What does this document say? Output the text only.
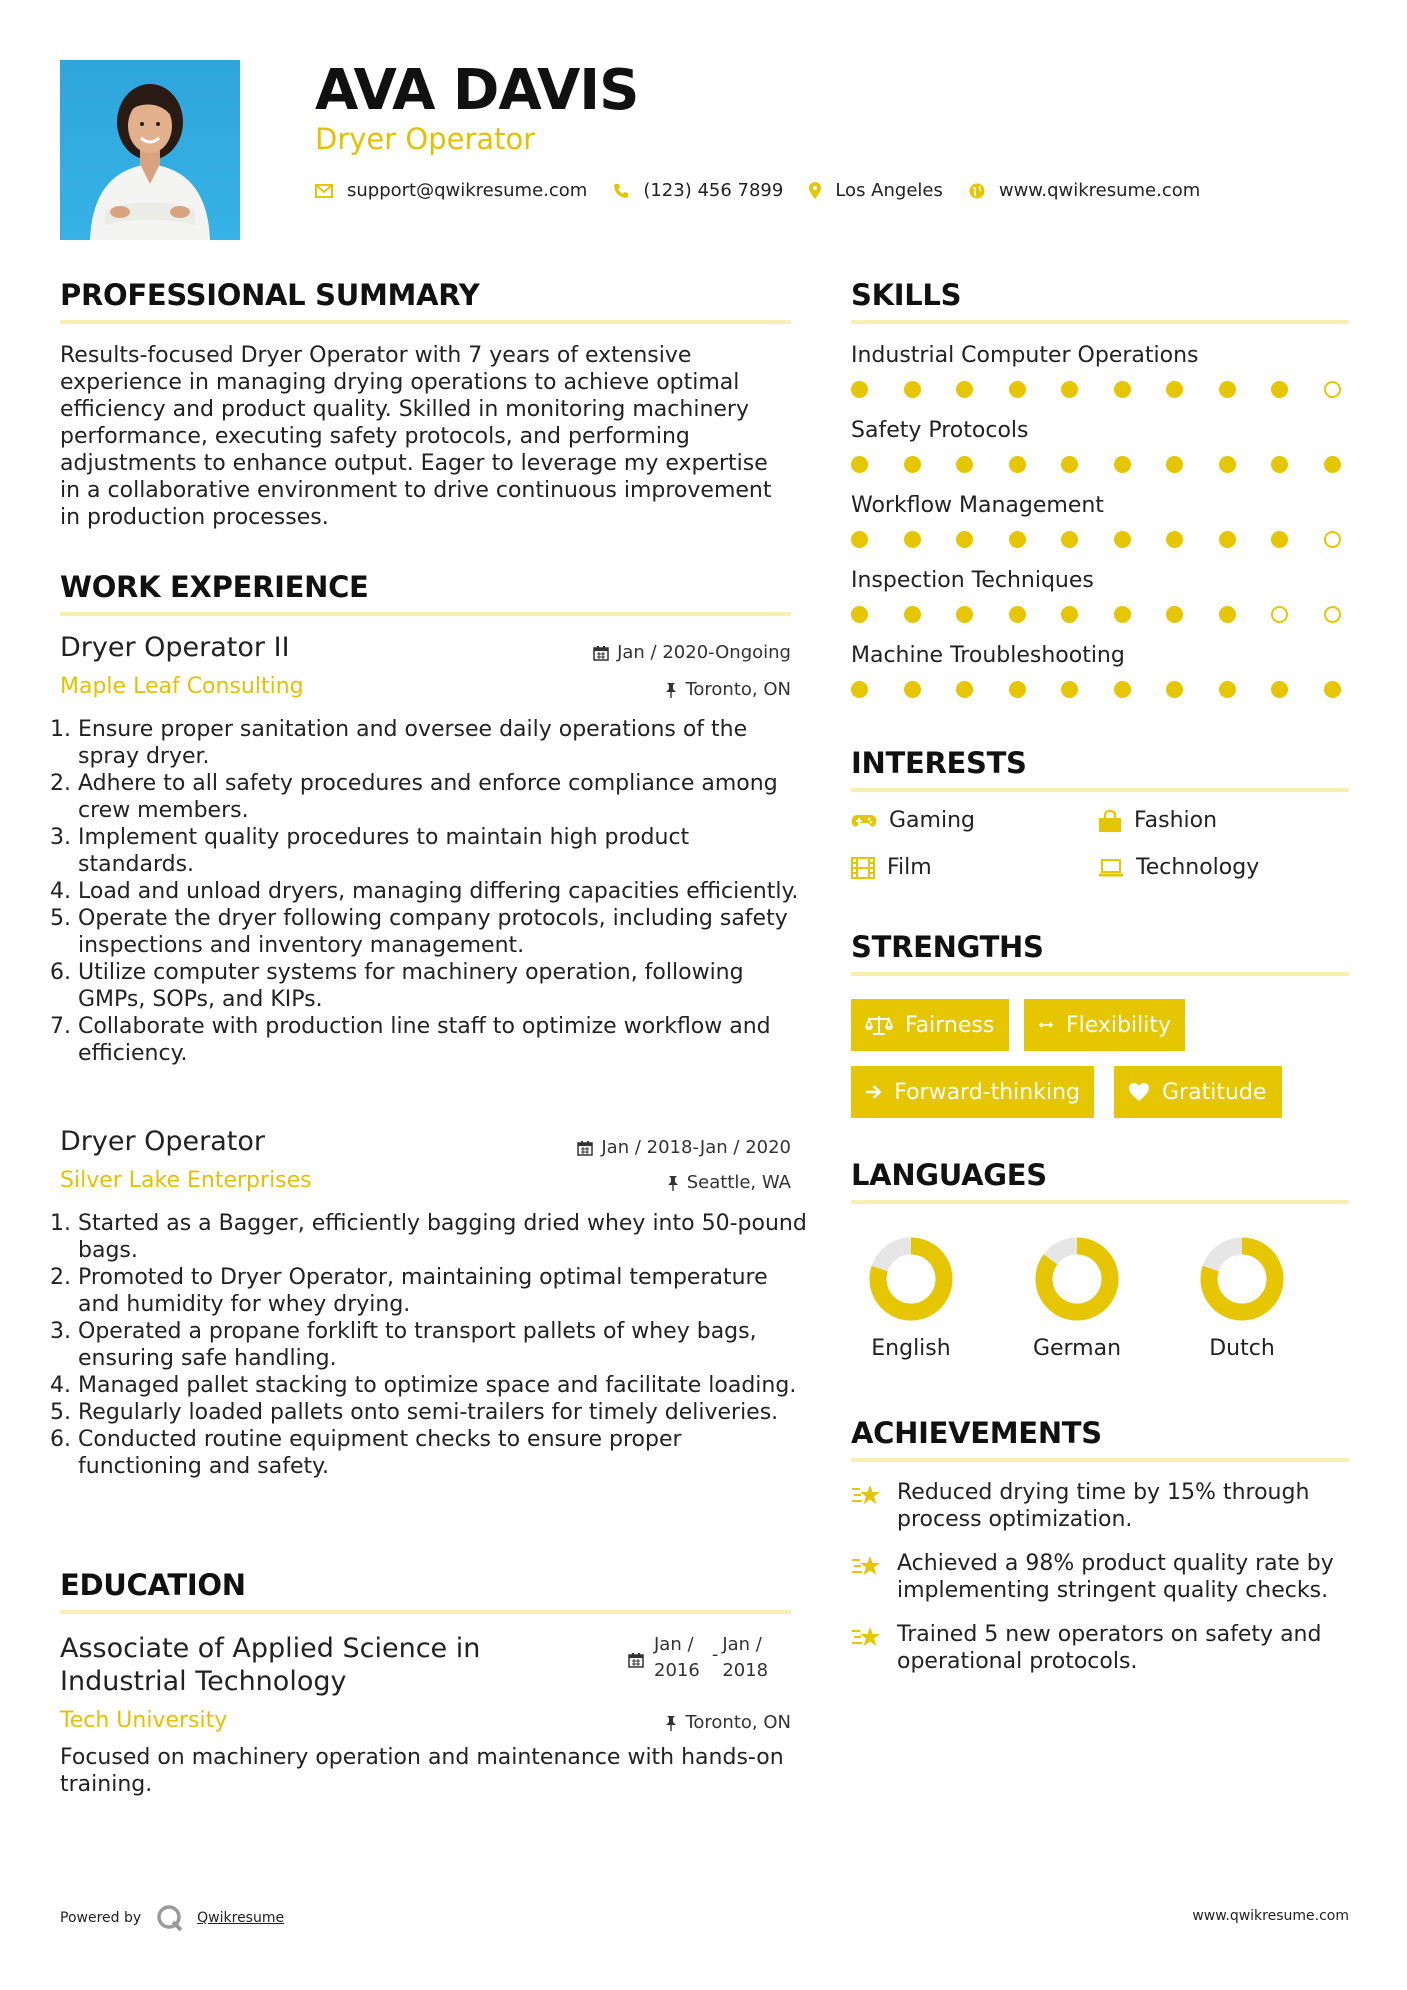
AVA DAVIS
Dryer Operator
support@qwikresume.com	(123) 456 7899	Los Angeles	www.qwikresume.com
PROFESSIONAL SUMMARY
Results-focused Dryer Operator with 7 years of extensive
experience in managing drying operations to achieve optimal
efficiency and product quality. Skilled in monitoring machinery
performance, executing safety protocols, and performing
adjustments to enhance output. Eager to leverage my expertise
in a collaborative environment to drive continuous improvement
in production processes.
WORK EXPERIENCE
Dryer Operator II	Jan / 2020-Ongoing
Maple Leaf Consulting	Toronto, ON
1. Ensure proper sanitation and oversee daily operations of the spray dryer.
2. Adhere to all safety procedures and enforce compliance among crew members.
3. Implement quality procedures to maintain high product standards.
4. Load and unload dryers, managing differing capacities efficiently.
5. Operate the dryer following company protocols, including safety inspections and inventory management.
6. Utilize computer systems for machinery operation, following GMPs, SOPs, and KIPs.
7. Collaborate with production line staff to optimize workflow and efficiency.
Dryer Operator	Jan / 2018-Jan / 2020
Silver Lake Enterprises	Seattle, WA
1. Started as a Bagger, efficiently bagging dried whey into 50-pound bags.
2. Promoted to Dryer Operator, maintaining optimal temperature and humidity for whey drying.
3. Operated a propane forklift to transport pallets of whey bags, ensuring safe handling.
4. Managed pallet stacking to optimize space and facilitate loading.
5. Regularly loaded pallets onto semi-trailers for timely deliveries.
6. Conducted routine equipment checks to ensure proper functioning and safety.
EDUCATION
Associate of Applied Science in
Industrial Technology
Jan /
2016
- Jan /
2018
Tech University	Toronto, ON
Focused on machinery operation and maintenance with hands-on training.
SKILLS
Industrial Computer Operations
Safety Protocols
Workflow Management
Inspection Techniques
Machine Troubleshooting
INTERESTS
Gaming	Fashion
Film	Technology
STRENGTHS
Fairness	Flexibility
Forward-thinking	Gratitude
LANGUAGES
English	German	Dutch
ACHIEVEMENTS
Reduced drying time by 15% through process optimization.
Achieved a 98% product quality rate by implementing stringent quality checks.
Trained 5 new operators on safety and operational protocols.
Powered by	Qwikresume	www.qwikresume.com
